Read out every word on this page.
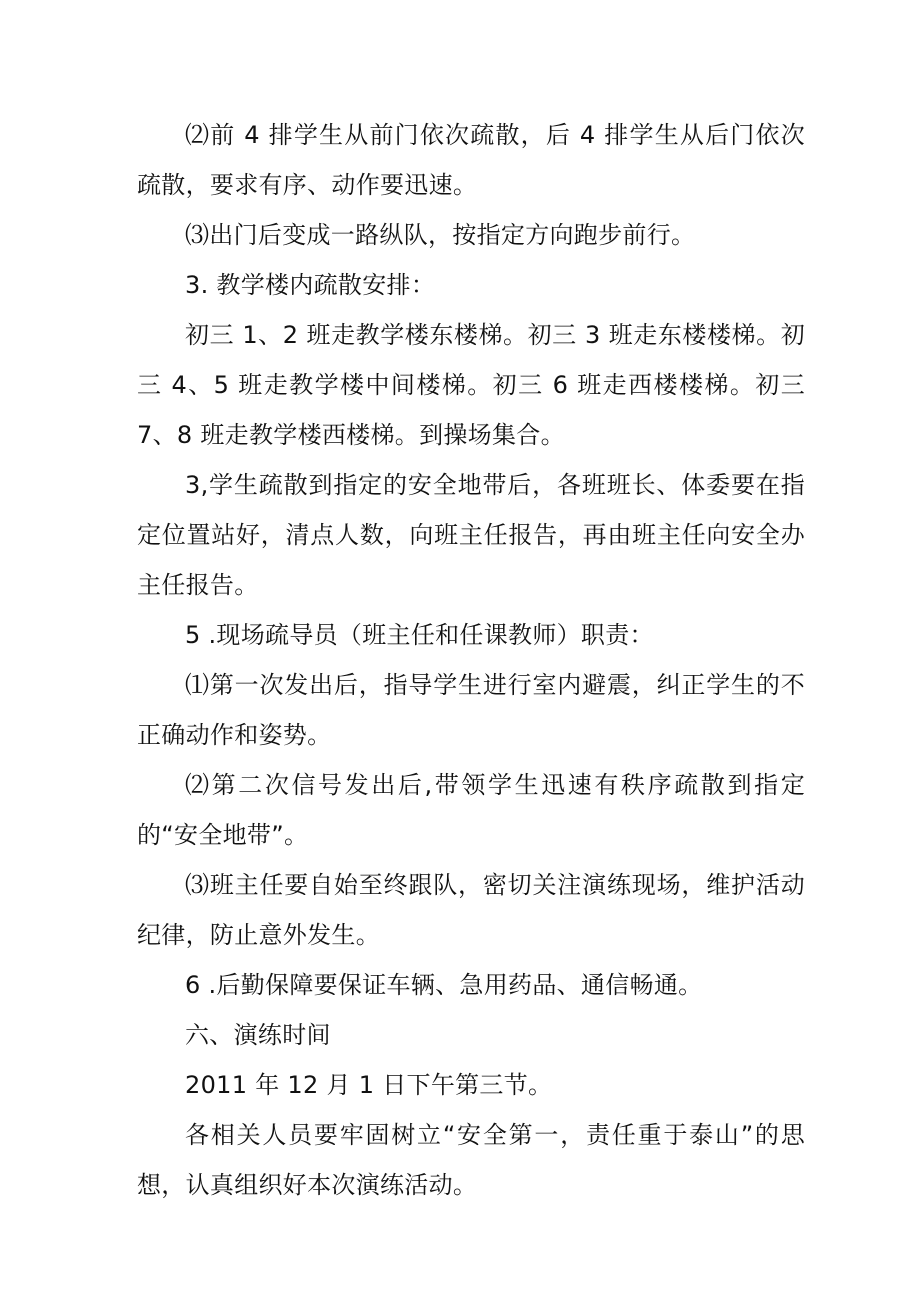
⑵前 4 排学生从前门依次疏散，后 4 排学生从后门依次疏散，要求有序、动作要迅速。

⑶出门后变成一路纵队，按指定方向跑步前行。

3. 教学楼内疏散安排：

初三 1、2 班走教学楼东楼梯。初三 3 班走东楼楼梯。初三 4、5 班走教学楼中间楼梯。初三 6 班走西楼楼梯。初三 7、8 班走教学楼西楼梯。到操场集合。

3,学生疏散到指定的安全地带后，各班班长、体委要在指定位置站好，清点人数，向班主任报告，再由班主任向安全办主任报告。

5 .现场疏导员（班主任和任课教师）职责：

⑴第一次发出后，指导学生进行室内避震，纠正学生的不正确动作和姿势。

⑵第二次信号发出后,带领学生迅速有秩序疏散到指定的“安全地带”。

⑶班主任要自始至终跟队，密切关注演练现场，维护活动纪律，防止意外发生。

6 .后勤保障要保证车辆、急用药品、通信畅通。

六、演练时间

2011 年 12 月 1 日下午第三节。

各相关人员要牢固树立“安全第一，责任重于泰山”的思想，认真组织好本次演练活动。
